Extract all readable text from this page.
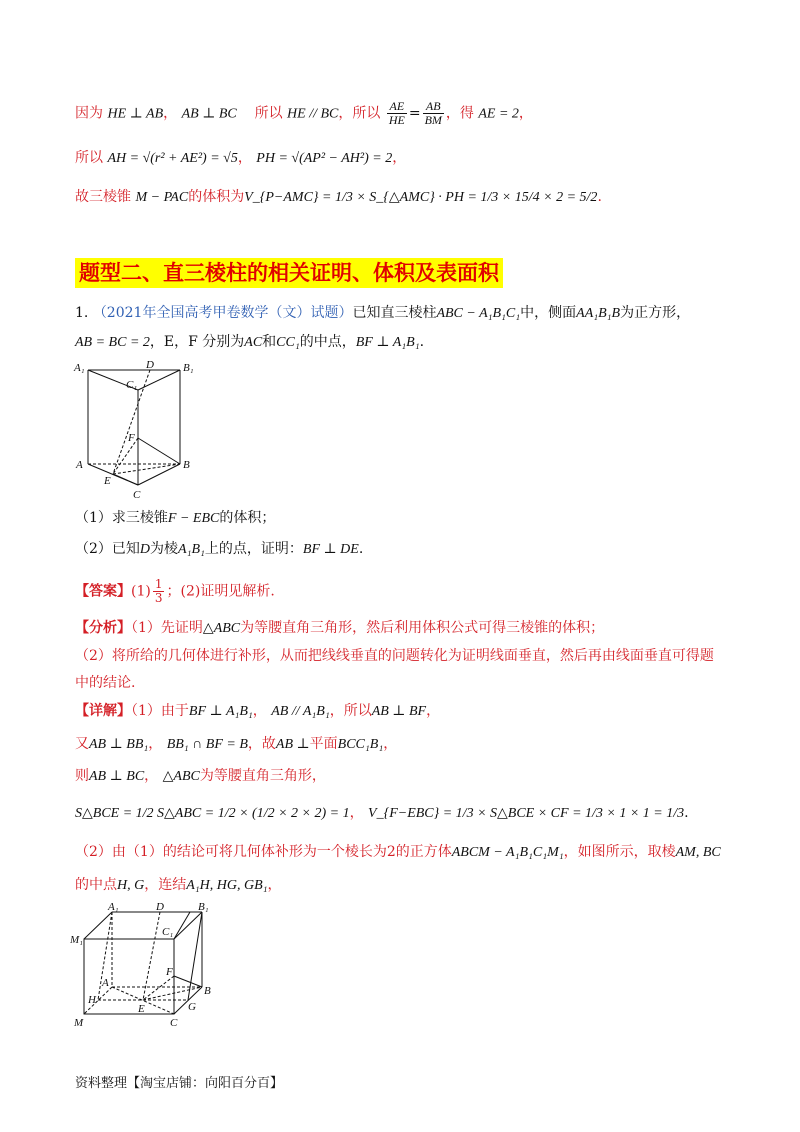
因为 HE ⊥ AB， AB ⊥ BC 所以 HE // BC，所以 $\frac{AE}{HE} = \frac{AB}{BM}$ ，得 AE = 2，
所以 AH = √(r² + AE²) = √5， PH = √(AP² − AH²) = 2，
故三棱锥 M − PAC的体积为V_{P−AMC} = 1/3 × S_{△AMC} · PH = 1/3 × 15/4 × 2 = 5/2.
题型二、直三棱柱的相关证明、体积及表面积
1. （2021年全国高考甲卷数学（文）试题）已知直三棱柱ABC − A₁B₁C₁中，侧面AA₁B₁B为正方形，
AB = BC = 2，E，F 分别为AC和CC₁的中点，BF ⊥ A₁B₁.
A₁	D	B₁
C₁
F
A	B
E
C
（1）求三棱锥F − EBC的体积；
（2）已知D为棱A₁B₁上的点，证明：BF ⊥ DE.
【答案】$(1) \frac{1}{3}$ ；(2)证明见解析.
【分析】（1）先证明△ABC为等腰直角三角形，然后利用体积公式可得三棱锥的体积；
（2）将所给的几何体进行补形，从而把线线垂直的问题转化为证明线面垂直，然后再由线面垂直可得题
中的结论.
【详解】（1）由于BF ⊥ A₁B₁， AB // A₁B₁，所以AB ⊥ BF，
又AB ⊥ BB₁， BB₁ ∩ BF = B，故AB ⊥平面BCC₁B₁，
则AB ⊥ BC， △ABC为等腰直角三角形，
S△BCE = 1/2 S△ABC = 1/2 × (1/2 × 2 × 2) = 1， V_{F−EBC} = 1/3 × S△BCE × CF = 1/3 × 1 × 1 = 1/3.
（2）由（1）的结论可将几何体补形为一个棱长为2的正方体ABCM − A₁B₁C₁M₁，如图所示，取棱AM, BC
的中点H, G，连结A₁H, HG, GB₁，
A₁	D	B₁
M₁
C₁
F
A
H
B
E	G
M	C
资料整理【淘宝店铺：向阳百分百】
